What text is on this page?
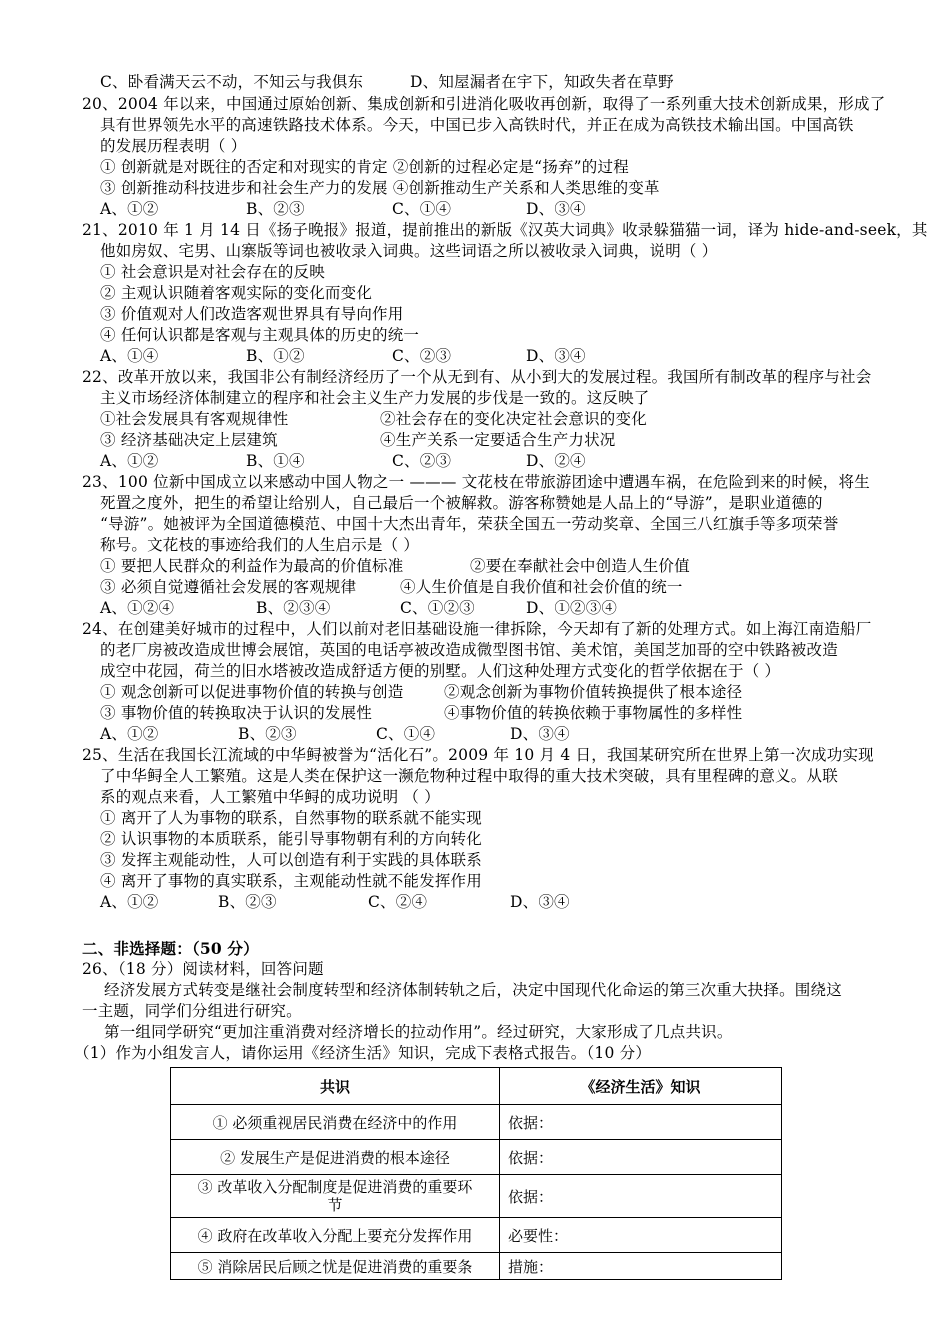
C、卧看满天云不动，不知云与我俱东	D、知屋漏者在宇下，知政失者在草野
20、2004 年以来，中国通过原始创新、集成创新和引进消化吸收再创新，取得了一系列重大技术创新成果，形成了
具有世界领先水平的高速铁路技术体系。今天，中国已步入高铁时代，并正在成为高铁技术输出国。中国高铁
的发展历程表明（ ）
① 创新就是对既往的否定和对现实的肯定 ②创新的过程必定是“扬弃”的过程
③ 创新推动科技进步和社会生产力的发展 ④创新推动生产关系和人类思维的变革
A、①②	B、②③	C、①④	D、③④
21、2010 年 1 月 14 日《扬子晚报》报道，提前推出的新版《汉英大词典》收录躲猫猫一词，译为 hide-and-seek，其
他如房奴、宅男、山寨版等词也被收录入词典。这些词语之所以被收录入词典，说明（ ）
① 社会意识是对社会存在的反映
② 主观认识随着客观实际的变化而变化
③ 价值观对人们改造客观世界具有导向作用
④ 任何认识都是客观与主观具体的历史的统一
A、①④	B、①②	C、②③	D、③④
22、改革开放以来，我国非公有制经济经历了一个从无到有、从小到大的发展过程。我国所有制改革的程序与社会
主义市场经济体制建立的程序和社会主义生产力发展的步伐是一致的。这反映了
①社会发展具有客观规律性	②社会存在的变化决定社会意识的变化
③ 经济基础决定上层建筑	④生产关系一定要适合生产力状况
A、①②	B、①④	C、②③	D、②④
23、100 位新中国成立以来感动中国人物之一 ——— 文花枝在带旅游团途中遭遇车祸，在危险到来的时候，将生
死置之度外，把生的希望让给别人，自己最后一个被解救。游客称赞她是人品上的“导游”，是职业道德的
“导游”。她被评为全国道德模范、中国十大杰出青年，荣获全国五一劳动奖章、全国三八红旗手等多项荣誉
称号。文花枝的事迹给我们的人生启示是（ ）
① 要把人民群众的利益作为最高的价值标准	②要在奉献社会中创造人生价值
③ 必须自觉遵循社会发展的客观规律	④人生价值是自我价值和社会价值的统一
A、①②④	B、②③④	C、①②③	D、①②③④
24、在创建美好城市的过程中，人们以前对老旧基础设施一律拆除，今天却有了新的处理方式。如上海江南造船厂
的老厂房被改造成世博会展馆，英国的电话亭被改造成微型图书馆、美术馆，美国芝加哥的空中铁路被改造
成空中花园，荷兰的旧水塔被改造成舒适方便的别墅。人们这种处理方式变化的哲学依据在于（ ）
① 观念创新可以促进事物价值的转换与创造	②观念创新为事物价值转换提供了根本途径
③ 事物价值的转换取决于认识的发展性	④事物价值的转换依赖于事物属性的多样性
A、①②	B、②③	C、①④	D、③④
25、生活在我国长江流域的中华鲟被誉为“活化石”。2009 年 10 月 4 日，我国某研究所在世界上第一次成功实现
了中华鲟全人工繁殖。这是人类在保护这一濒危物种过程中取得的重大技术突破，具有里程碑的意义。从联
系的观点来看，人工繁殖中华鲟的成功说明 （ ）
① 离开了人为事物的联系，自然事物的联系就不能实现
② 认识事物的本质联系，能引导事物朝有利的方向转化
③ 发挥主观能动性，人可以创造有利于实践的具体联系
④ 离开了事物的真实联系，主观能动性就不能发挥作用
A、①②	B、②③	C、②④	D、③④
二、非选择题：（50 分）
26、（18 分）阅读材料，回答问题
经济发展方式转变是继社会制度转型和经济体制转轨之后，决定中国现代化命运的第三次重大抉择。围绕这
一主题，同学们分组进行研究。
第一组同学研究“更加注重消费对经济增长的拉动作用”。经过研究，大家形成了几点共识。
（1）作为小组发言人，请你运用《经济生活》知识，完成下表格式报告。（10 分）
共识	《经济生活》知识
① 必须重视居民消费在经济中的作用	依据：
② 发展生产是促进消费的根本途径	依据：
③ 改革收入分配制度是促进消费的重要环
节	依据：
④ 政府在改革收入分配上要充分发挥作用	必要性：
⑤ 消除居民后顾之忧是促进消费的重要条	措施：
